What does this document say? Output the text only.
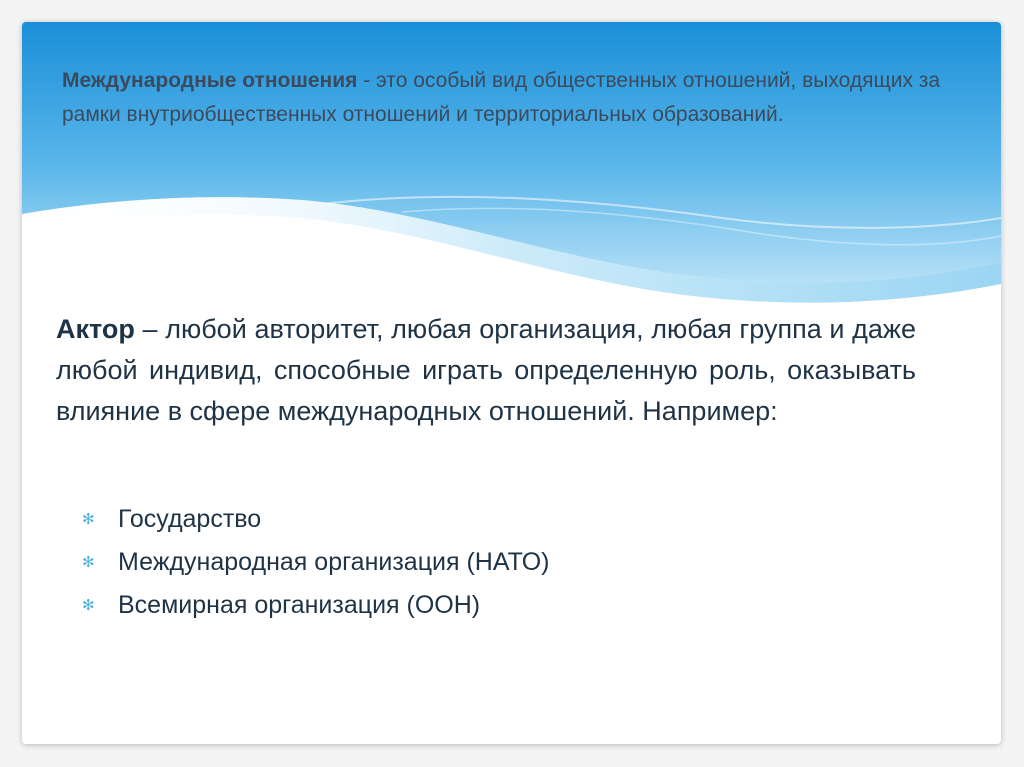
Международные отношения - это особый вид общественных отношений, выходящих за рамки внутриобщественных отношений и территориальных образований.

Актор – любой авторитет, любая организация, любая группа и даже любой индивид, способные играть определенную роль, оказывать влияние в сфере международных отношений. Например:

✻ Государство
✻ Международная организация (НАТО)
✻ Всемирная организация (ООН)
